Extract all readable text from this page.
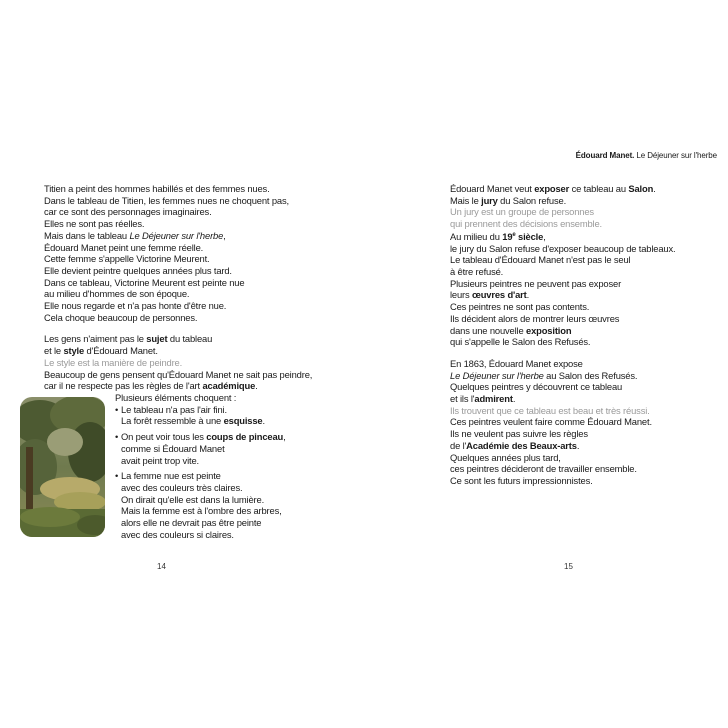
Titien a peint des hommes habillés et des femmes nues.
Dans le tableau de Titien, les femmes nues ne choquent pas,
car ce sont des personnages imaginaires.
Elles ne sont pas réelles.
Mais dans le tableau Le Déjeuner sur l'herbe,
Édouard Manet peint une femme réelle.
Cette femme s'appelle Victorine Meurent.
Elle devient peintre quelques années plus tard.
Dans ce tableau, Victorine Meurent est peinte nue
au milieu d'hommes de son époque.
Elle nous regarde et n'a pas honte d'être nue.
Cela choque beaucoup de personnes.
Les gens n'aiment pas le sujet du tableau
et le style d'Édouard Manet.
Le style est la manière de peindre.
Beaucoup de gens pensent qu'Édouard Manet ne sait pas peindre,
car il ne respecte pas les règles de l'art académique.
Plusieurs éléments choquent :
• Le tableau n'a pas l'air fini.
La forêt ressemble à une esquisse.
• On peut voir tous les coups de pinceau,
comme si Édouard Manet
avait peint trop vite.
• La femme nue est peinte
avec des couleurs très claires.
On dirait qu'elle est dans la lumière.
Mais la femme est à l'ombre des arbres,
alors elle ne devrait pas être peinte
avec des couleurs si claires.
14
Édouard Manet. Le Déjeuner sur l'herbe
Édouard Manet veut exposer ce tableau au Salon.
Mais le jury du Salon refuse.
Un jury est un groupe de personnes
qui prennent des décisions ensemble.
Au milieu du 19e siècle,
le jury du Salon refuse d'exposer beaucoup de tableaux.
Le tableau d'Édouard Manet n'est pas le seul
à être refusé.
Plusieurs peintres ne peuvent pas exposer
leurs œuvres d'art.
Ces peintres ne sont pas contents.
Ils décident alors de montrer leurs œuvres
dans une nouvelle exposition
qui s'appelle le Salon des Refusés.
En 1863, Édouard Manet expose
Le Déjeuner sur l'herbe au Salon des Refusés.
Quelques peintres y découvrent ce tableau
et ils l'admirent.
Ils trouvent que ce tableau est beau et très réussi.
Ces peintres veulent faire comme Édouard Manet.
Ils ne veulent pas suivre les règles
de l'Académie des Beaux-arts.
Quelques années plus tard,
ces peintres décideront de travailler ensemble.
Ce sont les futurs impressionnistes.
15
